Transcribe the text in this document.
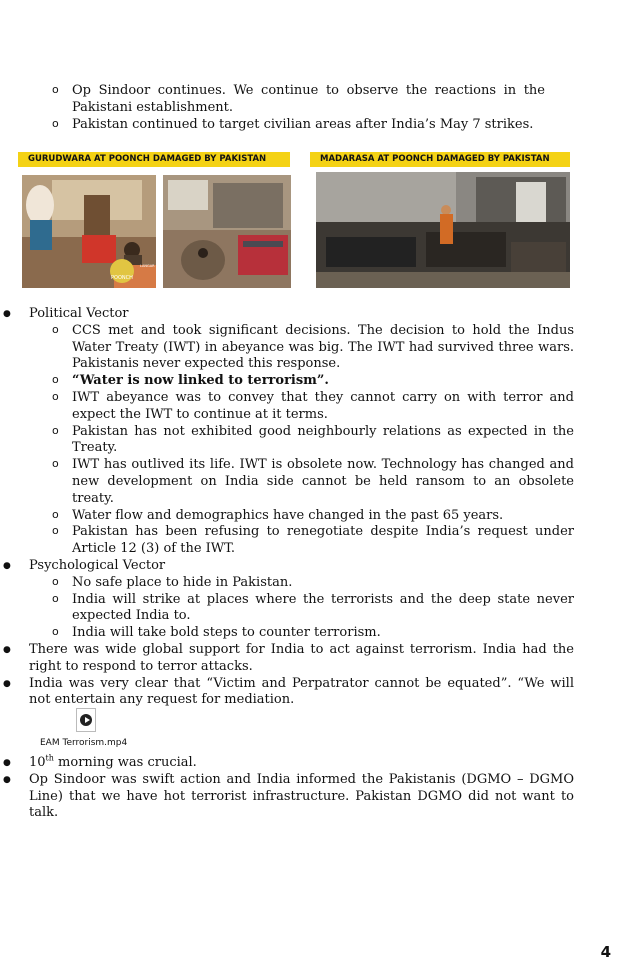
o Op Sindoor continues. We continue to observe the reactions in the Pakistani establishment.
o Pakistan continued to target civilian areas after India’s May 7 strikes.
GURUDWARA AT POONCH DAMAGED BY PAKISTAN	MADARASA AT POONCH DAMAGED BY PAKISTAN
POONCH
LANGAR
● Political Vector
o CCS met and took significant decisions. The decision to hold the Indus Water Treaty (IWT) in abeyance was big. The IWT had survived three wars. Pakistanis never expected this response.
o “Water is now linked to terrorism”.
o IWT abeyance was to convey that they cannot carry on with terror and expect the IWT to continue at it terms.
o Pakistan has not exhibited good neighbourly relations as expected in the Treaty.
o IWT has outlived its life. IWT is obsolete now. Technology has changed and new development on India side cannot be held ransom to an obsolete treaty.
o Water flow and demographics have changed in the past 65 years.
o Pakistan has been refusing to renegotiate despite India’s request under Article 12 (3) of the IWT.
● Psychological Vector
o No safe place to hide in Pakistan.
o India will strike at places where the terrorists and the deep state never expected India to.
o India will take bold steps to counter terrorism.
● There was wide global support for India to act against terrorism. India had the right to respond to terror attacks.
● India was very clear that “Victim and Perpatrator cannot be equated”. “We will not entertain any request for mediation.
EAM Terrorism.mp4
● 10th morning was crucial.
● Op Sindoor was swift action and India informed the Pakistanis (DGMO – DGMO Line) that we have hot terrorist infrastructure. Pakistan DGMO did not want to talk.
4
